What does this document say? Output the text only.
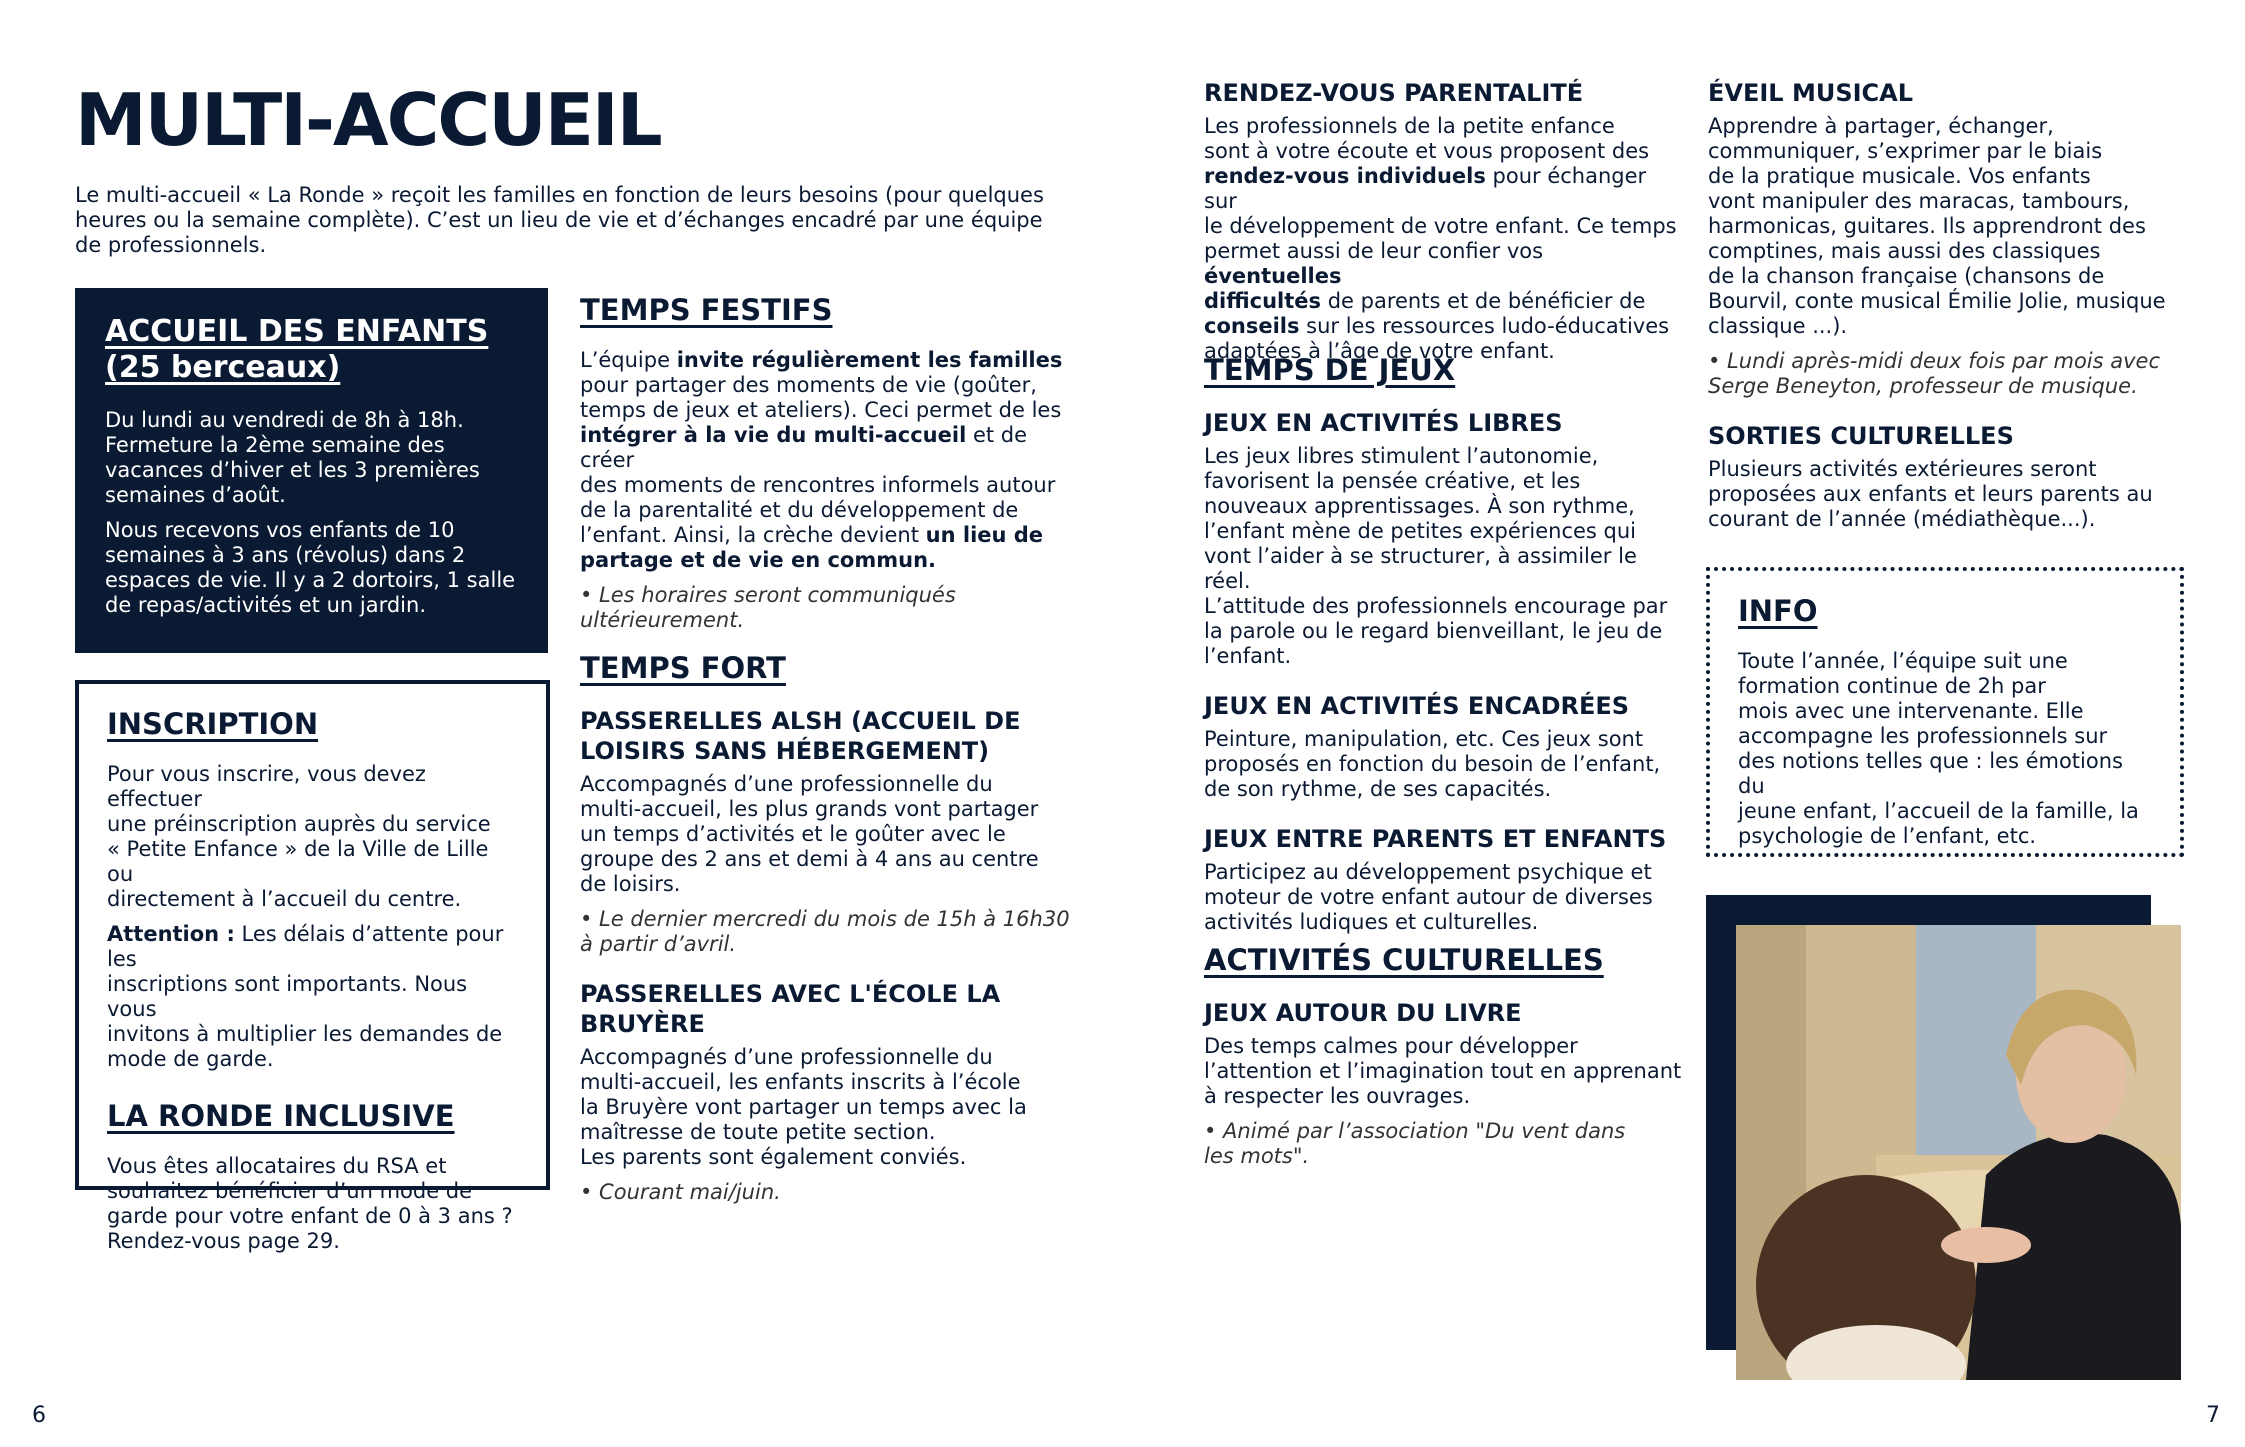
MULTI-ACCUEIL

Le multi-accueil « La Ronde » reçoit les familles en fonction de leurs besoins (pour quelques

heures ou la semaine complète). C’est un lieu de vie et d’échanges encadré par une équipe

de professionnels.

ACCUEIL DES ENFANTS
(25 berceaux)

Du lundi au vendredi de 8h à 18h.

Fermeture la 2ème semaine des

vacances d’hiver et les 3 premières

semaines d’août.

Nous recevons vos enfants de 10

semaines à 3 ans (révolus) dans 2

espaces de vie. Il y a 2 dortoirs, 1 salle

de repas/activités et un jardin.

INSCRIPTION

Pour vous inscrire, vous devez effectuer

une préinscription auprès du service

« Petite Enfance » de la Ville de Lille ou

directement à l’accueil du centre.

Attention : Les délais d’attente pour les

inscriptions sont importants. Nous vous

invitons à multiplier les demandes de

mode de garde.

LA RONDE INCLUSIVE

Vous êtes allocataires du RSA et

souhaitez bénéficier d’un mode de

garde pour votre enfant de 0 à 3 ans ?

Rendez-vous page 29.

TEMPS FESTIFS

L’équipe invite régulièrement les familles

pour partager des moments de vie (goûter,

temps de jeux et ateliers). Ceci permet de les

intégrer à la vie du multi-accueil et de créer

des moments de rencontres informels autour

de la parentalité et du développement de

l’enfant. Ainsi, la crèche devient un lieu de

partage et de vie en commun.

• Les horaires seront communiqués

ultérieurement.

TEMPS FORT
PASSERELLES ALSH (ACCUEIL DE
LOISIRS SANS HÉBERGEMENT)

Accompagnés d’une professionnelle du

multi-accueil, les plus grands vont partager

un temps d’activités et le goûter avec le

groupe des 2 ans et demi à 4 ans au centre

de loisirs.

• Le dernier mercredi du mois de 15h à 16h30

à partir d’avril.

PASSERELLES AVEC L'ÉCOLE LA
BRUYÈRE

Accompagnés d’une professionnelle du

multi-accueil, les enfants inscrits à l’école

la Bruyère vont partager un temps avec la

maîtresse de toute petite section.

Les parents sont également conviés.

• Courant mai/juin.

6
RENDEZ-VOUS PARENTALITÉ

Les professionnels de la petite enfance

sont à votre écoute et vous proposent des

rendez-vous individuels pour échanger sur

le développement de votre enfant. Ce temps

permet aussi de leur confier vos éventuelles

difficultés de parents et de bénéficier de

conseils sur les ressources ludo-éducatives

adaptées à l’âge de votre enfant.

TEMPS DE JEUX
JEUX EN ACTIVITÉS LIBRES

Les jeux libres stimulent l’autonomie,

favorisent la pensée créative, et les

nouveaux apprentissages. À son rythme,

l’enfant mène de petites expériences qui

vont l’aider à se structurer, à assimiler le réel.

L’attitude des professionnels encourage par

la parole ou le regard bienveillant, le jeu de

l’enfant.

JEUX EN ACTIVITÉS ENCADRÉES

Peinture, manipulation, etc. Ces jeux sont

proposés en fonction du besoin de l’enfant,

de son rythme, de ses capacités.

JEUX ENTRE PARENTS ET ENFANTS

Participez au développement psychique et

moteur de votre enfant autour de diverses

activités ludiques et culturelles.

ACTIVITÉS CULTURELLES
JEUX AUTOUR DU LIVRE

Des temps calmes pour développer

l’attention et l’imagination tout en apprenant

à respecter les ouvrages.

• Animé par l’association "Du vent dans

les mots".

ÉVEIL MUSICAL

Apprendre à partager, échanger,

communiquer, s’exprimer par le biais

de la pratique musicale. Vos enfants

vont manipuler des maracas, tambours,

harmonicas, guitares. Ils apprendront des

comptines, mais aussi des classiques

de la chanson française (chansons de

Bourvil, conte musical Émilie Jolie, musique

classique ...).

• Lundi après-midi deux fois par mois avec

Serge Beneyton, professeur de musique.

SORTIES CULTURELLES

Plusieurs activités extérieures seront

proposées aux enfants et leurs parents au

courant de l’année (médiathèque...).

INFO

Toute l’année, l’équipe suit une

formation continue de 2h par

mois avec une intervenante. Elle

accompagne les professionnels sur

des notions telles que : les émotions du

jeune enfant, l’accueil de la famille, la

psychologie de l’enfant, etc.

7
